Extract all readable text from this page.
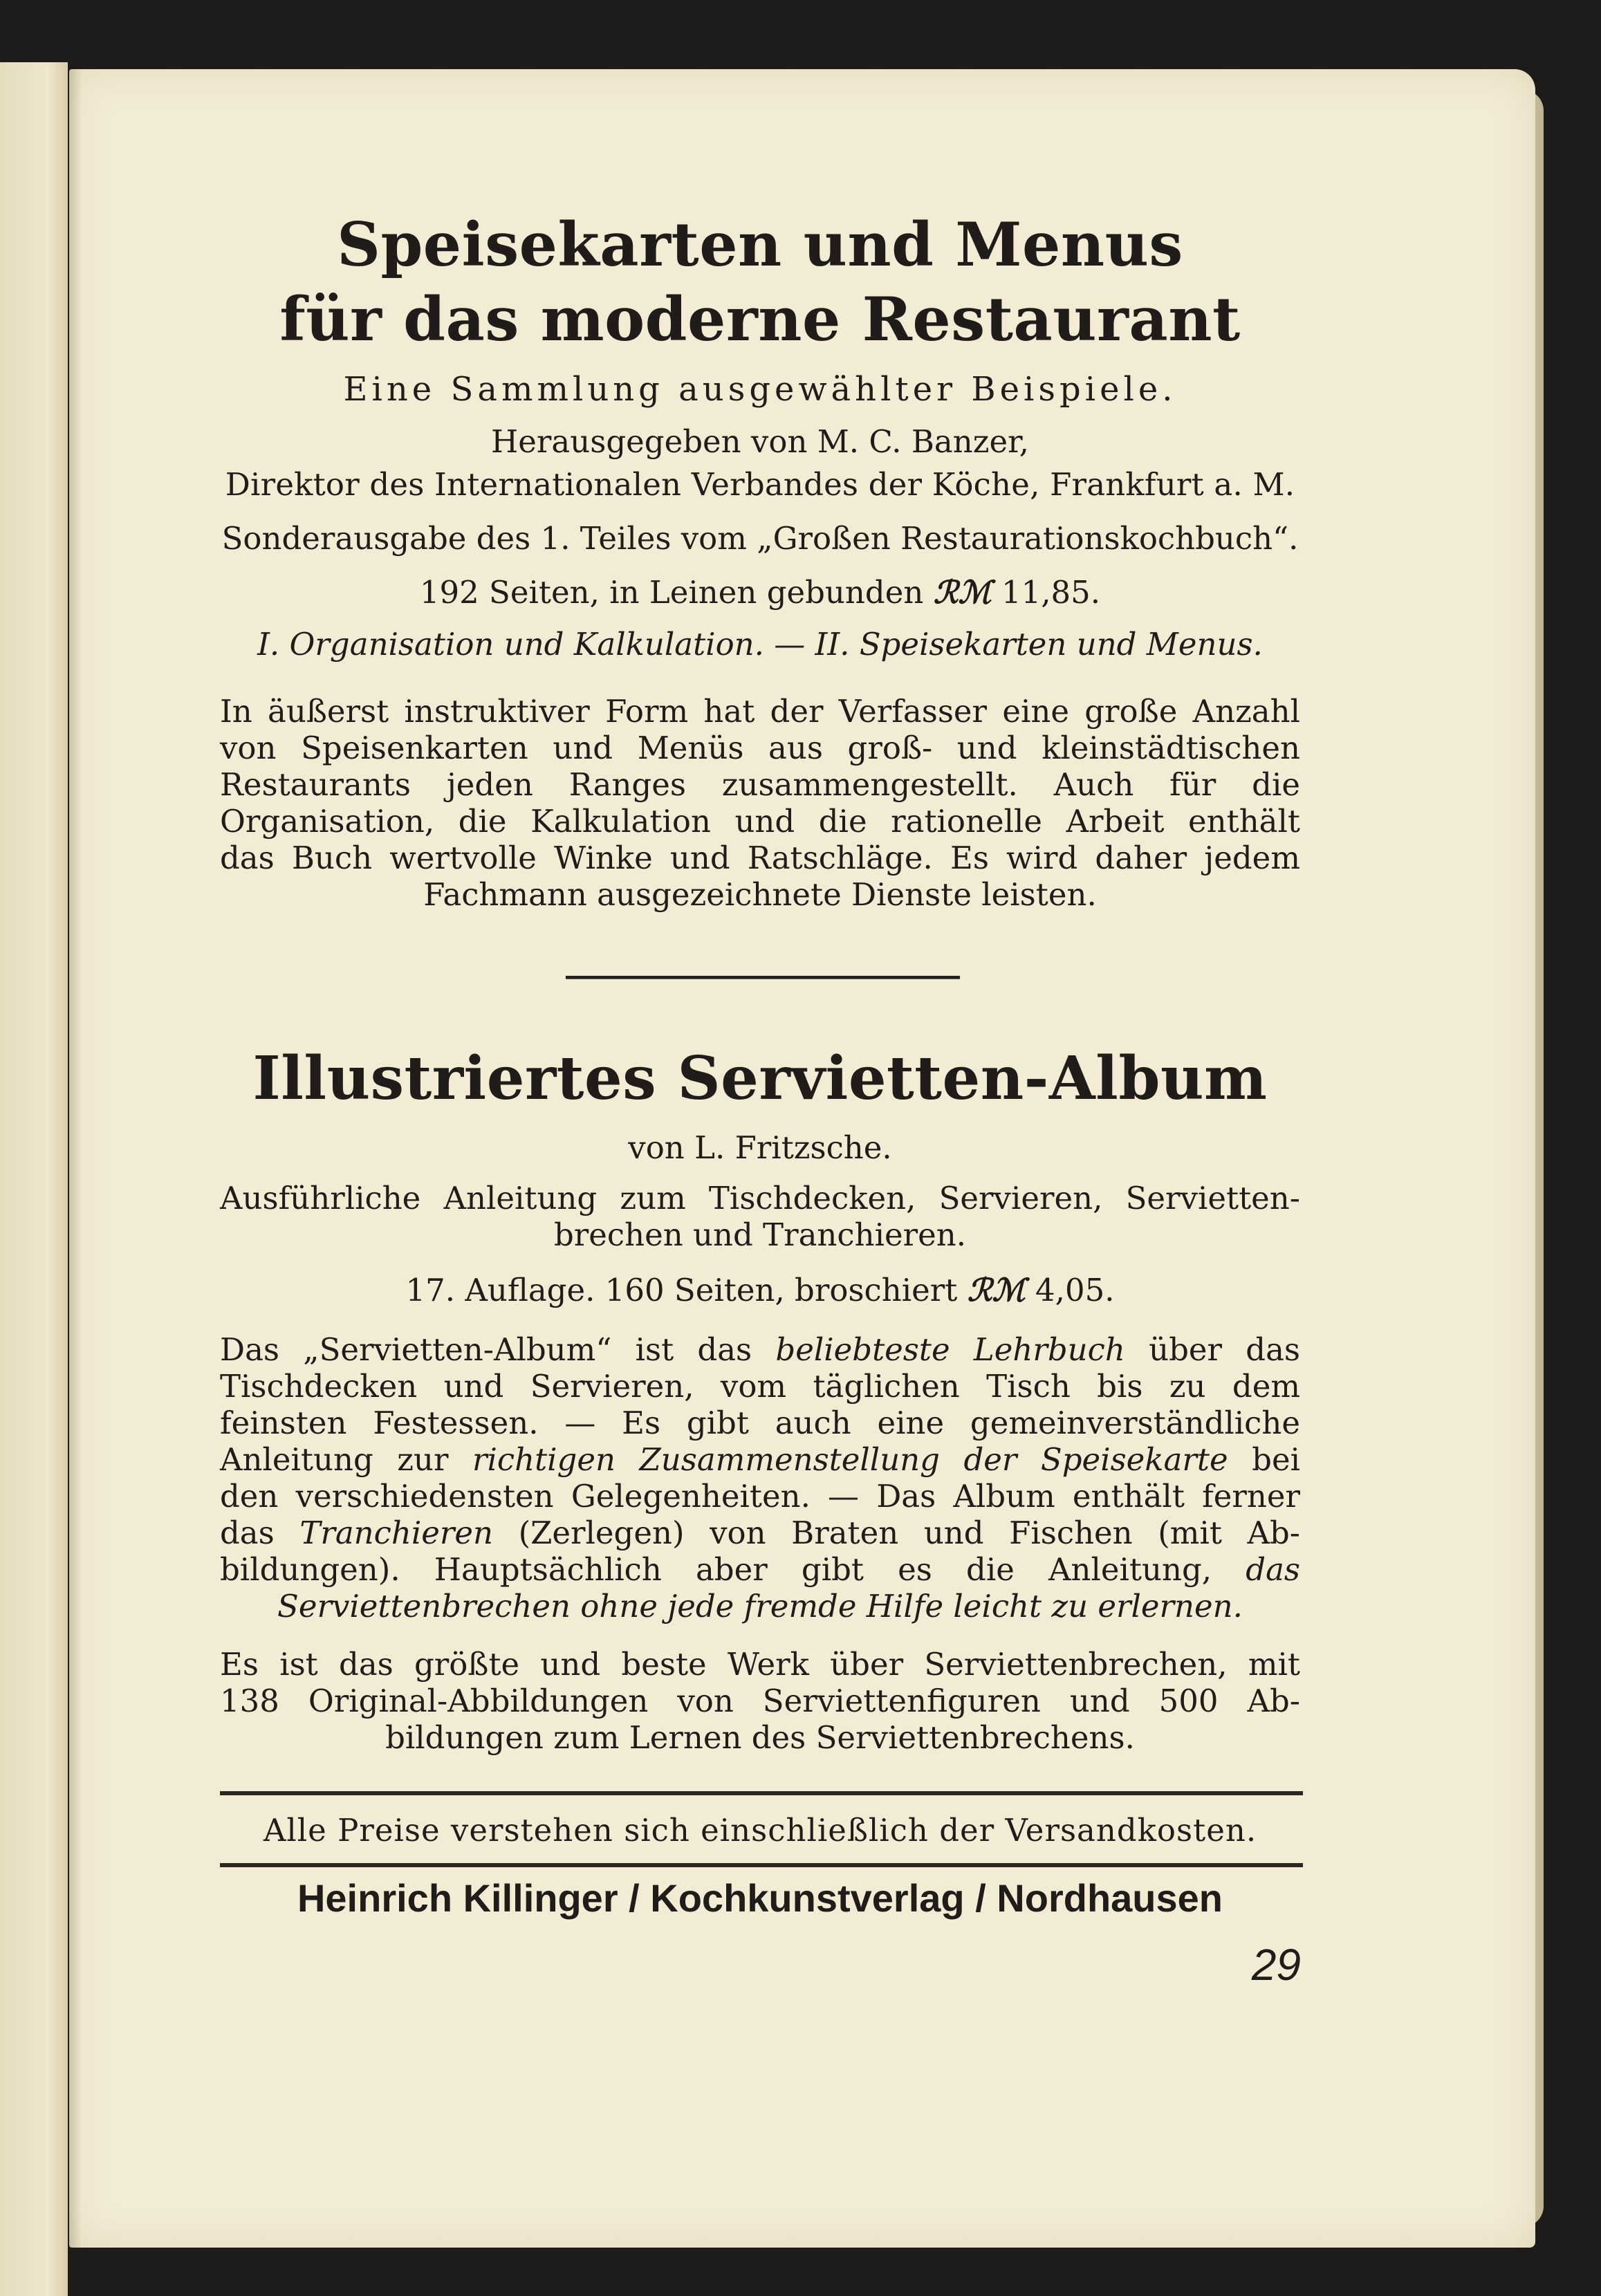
Speisekarten und Menus
für das moderne Restaurant
Eine Sammlung ausgewählter Beispiele.
Herausgegeben von M. C. Banzer,
Direktor des Internationalen Verbandes der Köche, Frankfurt a. M.
Sonderausgabe des 1. Teiles vom „Großen Restaurationskochbuch“.
192 Seiten, in Leinen gebunden ℛℳ 11,85.
I. Organisation und Kalkulation. — II. Speisekarten und Menus.
In äußerst instruktiver Form hat der Verfasser eine große Anzahl
von Speisenkarten und Menüs aus groß- und kleinstädtischen
Restaurants jeden Ranges zusammengestellt. Auch für die
Organisation, die Kalkulation und die rationelle Arbeit enthält
das Buch wertvolle Winke und Ratschläge. Es wird daher jedem
Fachmann ausgezeichnete Dienste leisten.
Illustriertes Servietten-Album
von L. Fritzsche.
Ausführliche Anleitung zum Tischdecken, Servieren, Servietten-
brechen und Tranchieren.
17. Auflage. 160 Seiten, broschiert ℛℳ 4,05.
Das „Servietten-Album“ ist das beliebteste Lehrbuch über das
Tischdecken und Servieren, vom täglichen Tisch bis zu dem
feinsten Festessen. — Es gibt auch eine gemeinverständliche
Anleitung zur richtigen Zusammenstellung der Speisekarte bei
den verschiedensten Gelegenheiten. — Das Album enthält ferner
das Tranchieren (Zerlegen) von Braten und Fischen (mit Ab-
bildungen). Hauptsächlich aber gibt es die Anleitung, das
Serviettenbrechen ohne jede fremde Hilfe leicht zu erlernen.
Es ist das größte und beste Werk über Serviettenbrechen, mit
138 Original-Abbildungen von Serviettenfiguren und 500 Ab-
bildungen zum Lernen des Serviettenbrechens.
Alle Preise verstehen sich einschließlich der Versandkosten.
Heinrich Killinger / Kochkunstverlag / Nordhausen
29
